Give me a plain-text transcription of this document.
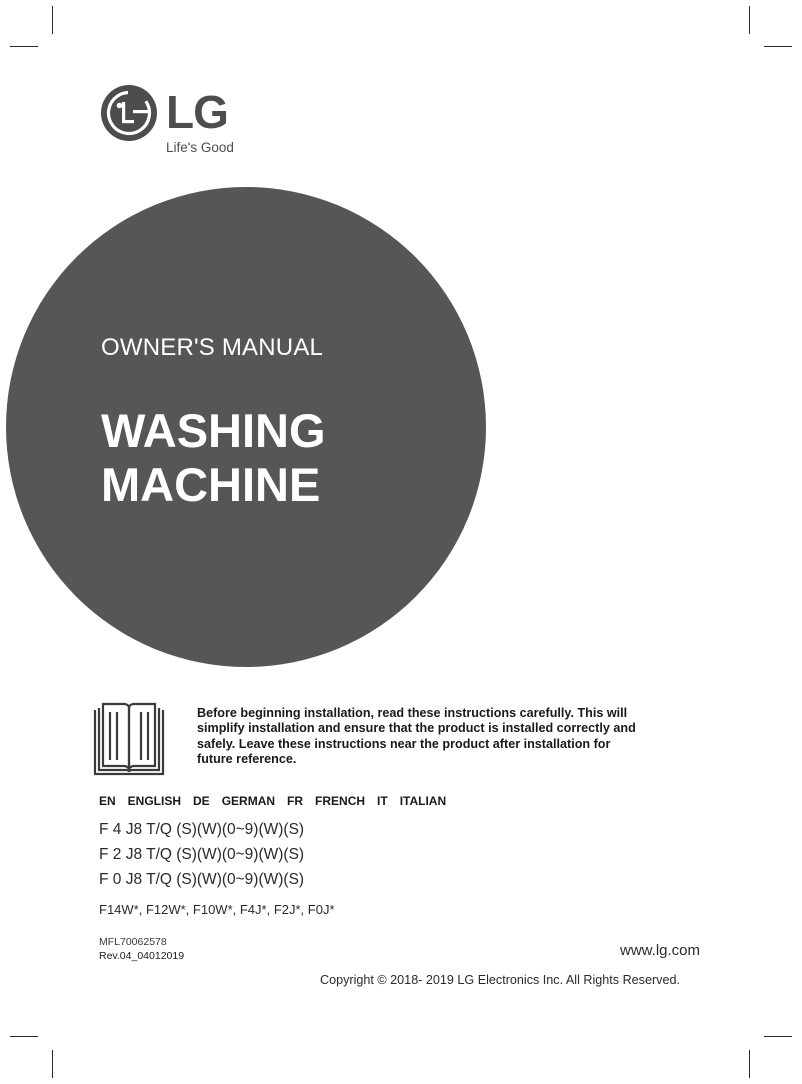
LG
Life's Good
OWNER'S MANUAL
WASHING
MACHINE
Before beginning installation, read these instructions carefully. This will simplify installation and ensure that the product is installed correctly and safely. Leave these instructions near the product after installation for future reference.
EN ENGLISH DE GERMAN FR FRENCH IT ITALIAN
F 4 J8 T/Q (S)(W)(0~9)(W)(S)
F 2 J8 T/Q (S)(W)(0~9)(W)(S)
F 0 J8 T/Q (S)(W)(0~9)(W)(S)
F14W*, F12W*, F10W*, F4J*, F2J*, F0J*
MFL70062578
Rev.04_04012019	www.lg.com
Copyright © 2018- 2019 LG Electronics Inc. All Rights Reserved.
